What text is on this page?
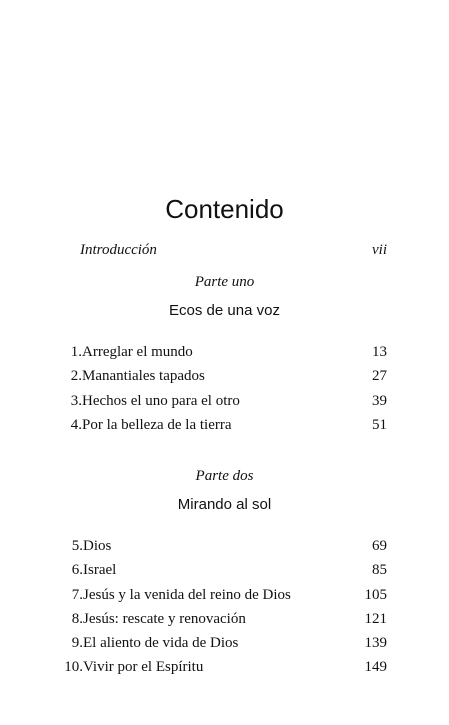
Contenido
Introducción	vii
Parte uno
Ecos de una voz
1. Arreglar el mundo	13
2. Manantiales tapados	27
3. Hechos el uno para el otro	39
4. Por la belleza de la tierra	51
Parte dos
Mirando al sol
5. Dios	69
6. Israel	85
7. Jesús y la venida del reino de Dios	105
8. Jesús: rescate y renovación	121
9. El aliento de vida de Dios	139
10. Vivir por el Espíritu	149
